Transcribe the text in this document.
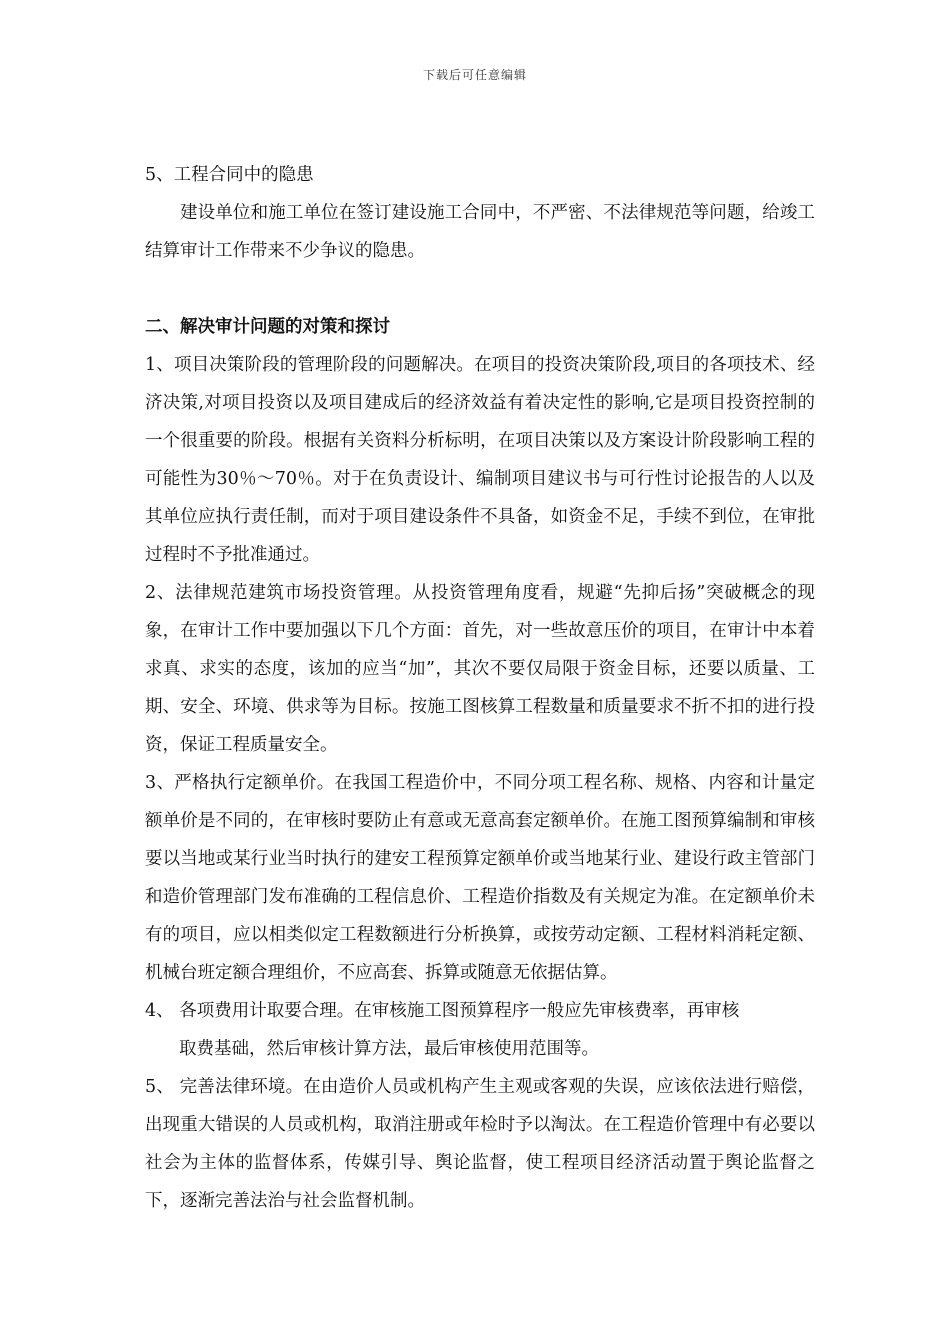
下载后可任意编辑

5、工程合同中的隐患

建设单位和施工单位在签订建设施工合同中，不严密、不法律规范等问题，给竣工结算审计工作带来不少争议的隐患。

二、解决审计问题的对策和探讨

1、项目决策阶段的管理阶段的问题解决。在项目的投资决策阶段,项目的各项技术、经济决策,对项目投资以及项目建成后的经济效益有着决定性的影响,它是项目投资控制的一个很重要的阶段。根据有关资料分析标明，在项目决策以及方案设计阶段影响工程的可能性为30％～70％。对于在负责设计、编制项目建议书与可行性讨论报告的人以及其单位应执行责任制，而对于项目建设条件不具备，如资金不足，手续不到位，在审批过程时不予批准通过。

2、法律规范建筑市场投资管理。从投资管理角度看，规避“先抑后扬”突破概念的现象，在审计工作中要加强以下几个方面：首先，对一些故意压价的项目，在审计中本着求真、求实的态度，该加的应当“加”，其次不要仅局限于资金目标，还要以质量、工期、安全、环境、供求等为目标。按施工图核算工程数量和质量要求不折不扣的进行投资，保证工程质量安全。

3、严格执行定额单价。在我国工程造价中，不同分项工程名称、规格、内容和计量定额单价是不同的，在审核时要防止有意或无意高套定额单价。在施工图预算编制和审核要以当地或某行业当时执行的建安工程预算定额单价或当地某行业、建设行政主管部门和造价管理部门发布准确的工程信息价、工程造价指数及有关规定为准。在定额单价未有的项目，应以相类似定工程数额进行分析换算，或按劳动定额、工程材料消耗定额、机械台班定额合理组价，不应高套、拆算或随意无依据估算。

4、 各项费用计取要合理。在审核施工图预算程序一般应先审核费率，再审核

取费基础，然后审核计算方法，最后审核使用范围等。

5、 完善法律环境。在由造价人员或机构产生主观或客观的失误，应该依法进行赔偿，出现重大错误的人员或机构，取消注册或年检时予以淘汰。在工程造价管理中有必要以社会为主体的监督体系，传媒引导、舆论监督，使工程项目经济活动置于舆论监督之下，逐渐完善法治与社会监督机制。
